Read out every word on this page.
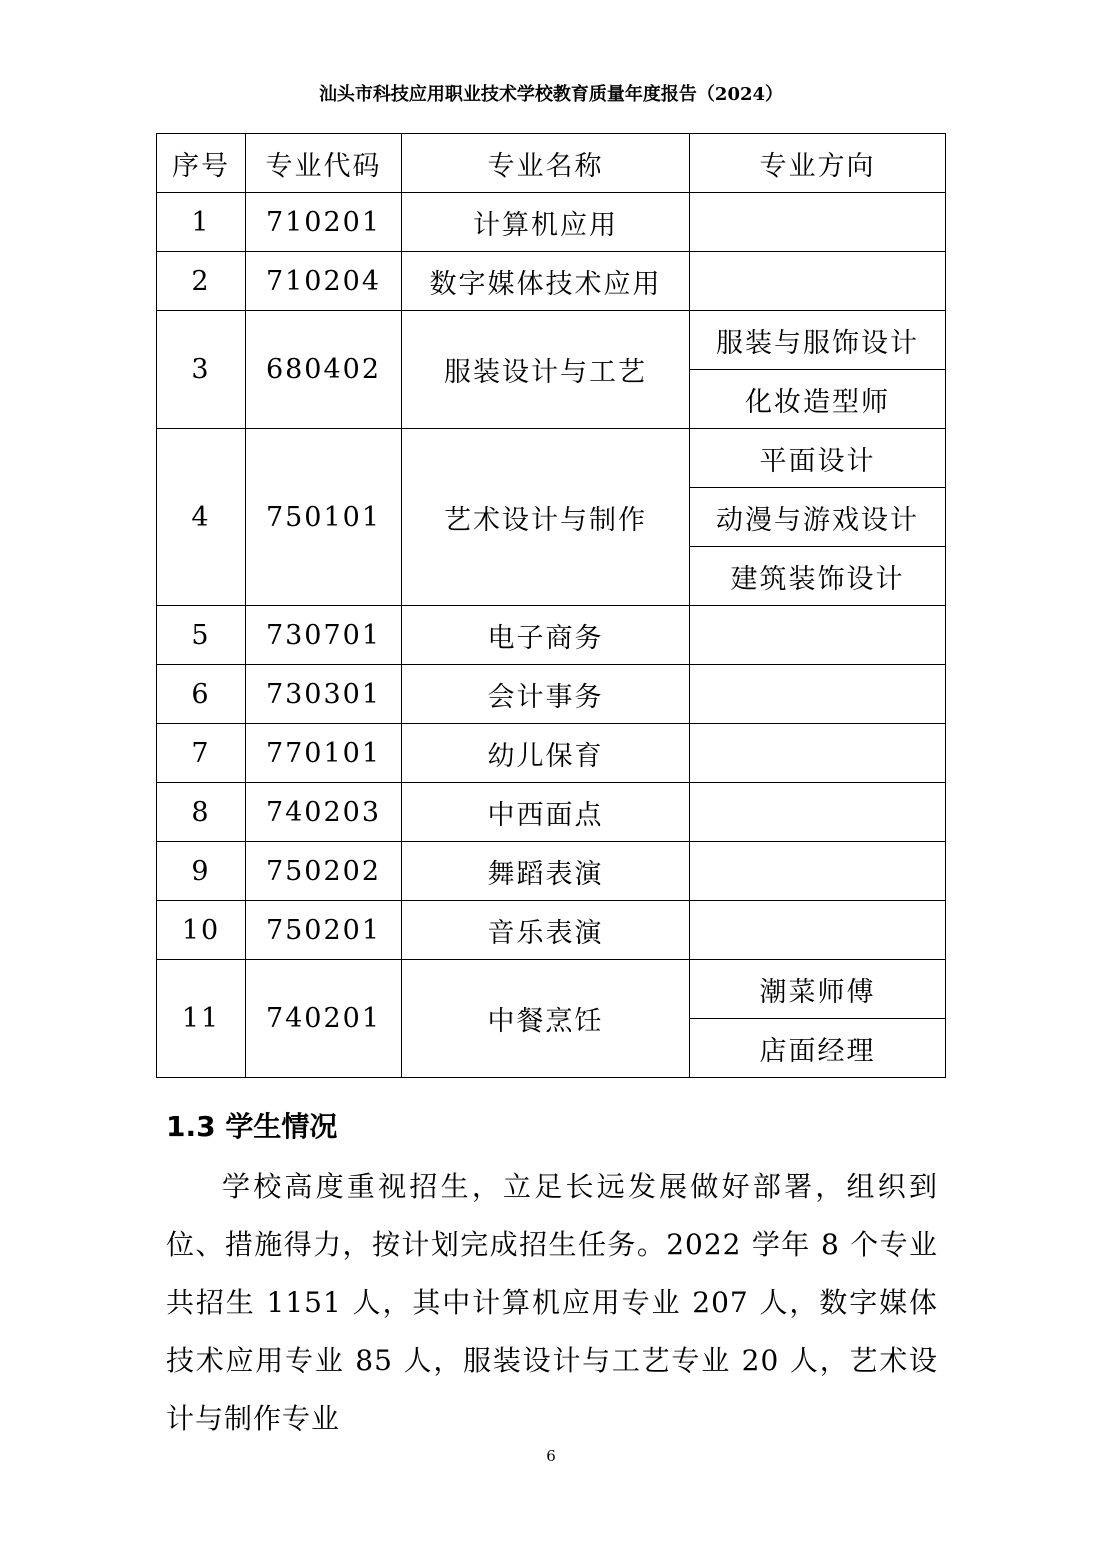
汕头市科技应用职业技术学校教育质量年度报告（2024）
序号	专业代码	专业名称	专业方向
1	710201	计算机应用	
2	710204	数字媒体技术应用	
3	680402	服装设计与工艺	服装与服饰设计
			化妆造型师
4	750101	艺术设计与制作	平面设计
			动漫与游戏设计
			建筑装饰设计
5	730701	电子商务	
6	730301	会计事务	
7	770101	幼儿保育	
8	740203	中西面点	
9	750202	舞蹈表演	
10	750201	音乐表演	
11	740201	中餐烹饪	潮菜师傅
			店面经理
1.3 学生情况

学校高度重视招生，立足长远发展做好部署，组织到位、措施得力，按计划完成招生任务。2022 学年 8 个专业共招生 1151 人，其中计算机应用专业 207 人，数字媒体技术应用专业 85 人，服装设计与工艺专业 20 人，艺术设计与制作专业

6
